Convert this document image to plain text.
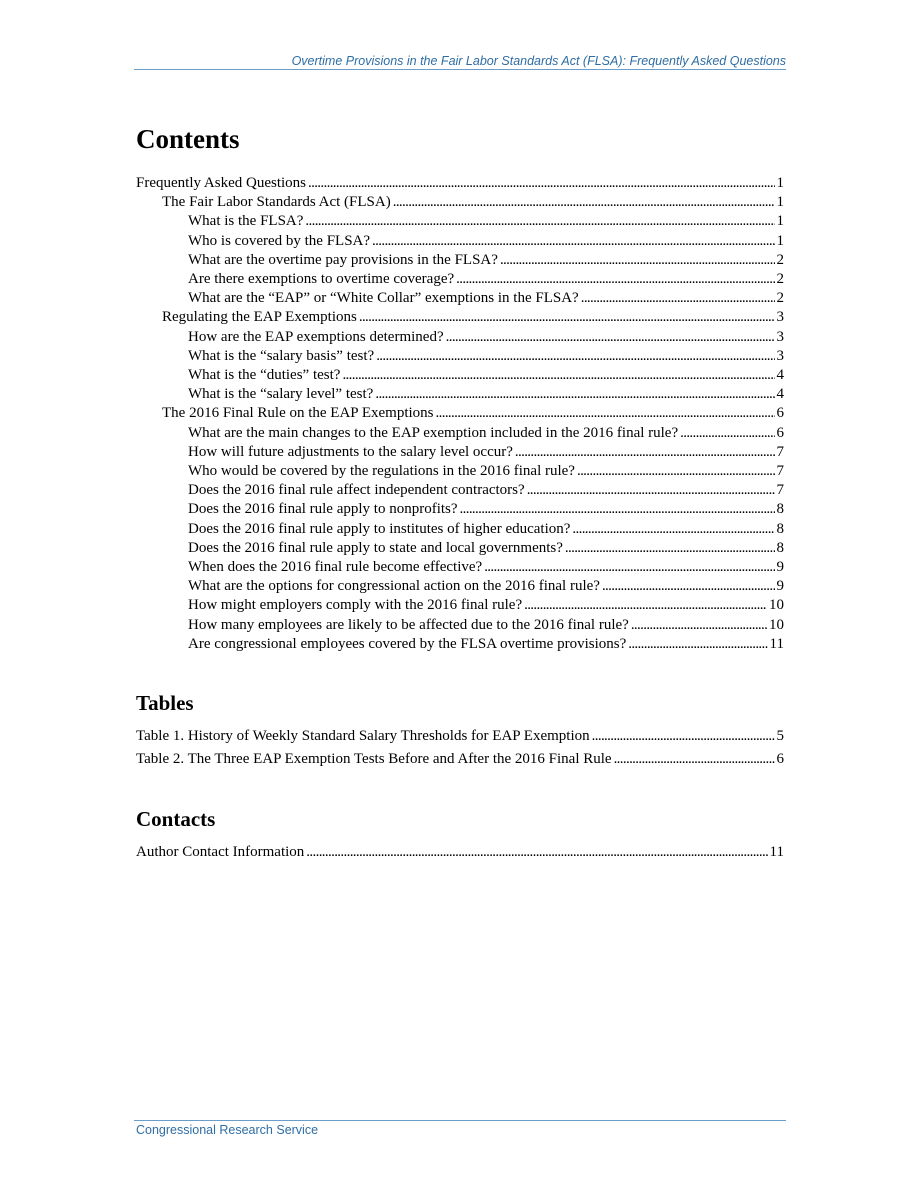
Overtime Provisions in the Fair Labor Standards Act (FLSA): Frequently Asked Questions
Contents
Frequently Asked Questions . . .	1
The Fair Labor Standards Act (FLSA) . . .	1
What is the FLSA? . . .	1
Who is covered by the FLSA? . . .	1
What are the overtime pay provisions in the FLSA? . . .	2
Are there exemptions to overtime coverage? . . .	2
What are the “EAP” or “White Collar” exemptions in the FLSA? . . .	2
Regulating the EAP Exemptions . . .	3
How are the EAP exemptions determined? . . .	3
What is the “salary basis” test? . . .	3
What is the “duties” test? . . .	4
What is the “salary level” test? . . .	4
The 2016 Final Rule on the EAP Exemptions . . .	6
What are the main changes to the EAP exemption included in the 2016 final rule? . . .	6
How will future adjustments to the salary level occur? . . .	7
Who would be covered by the regulations in the 2016 final rule? . . .	7
Does the 2016 final rule affect independent contractors? . . .	7
Does the 2016 final rule apply to nonprofits? . . .	8
Does the 2016 final rule apply to institutes of higher education? . . .	8
Does the 2016 final rule apply to state and local governments? . . .	8
When does the 2016 final rule become effective? . . .	9
What are the options for congressional action on the 2016 final rule? . . .	9
How might employers comply with the 2016 final rule? . . .	10
How many employees are likely to be affected due to the 2016 final rule? . . .	10
Are congressional employees covered by the FLSA overtime provisions? . . .	11
Tables
Table 1. History of Weekly Standard Salary Thresholds for EAP Exemption . . .	5
Table 2. The Three EAP Exemption Tests Before and After the 2016 Final Rule . . .	6
Contacts
Author Contact Information . . .	11
Congressional Research Service
